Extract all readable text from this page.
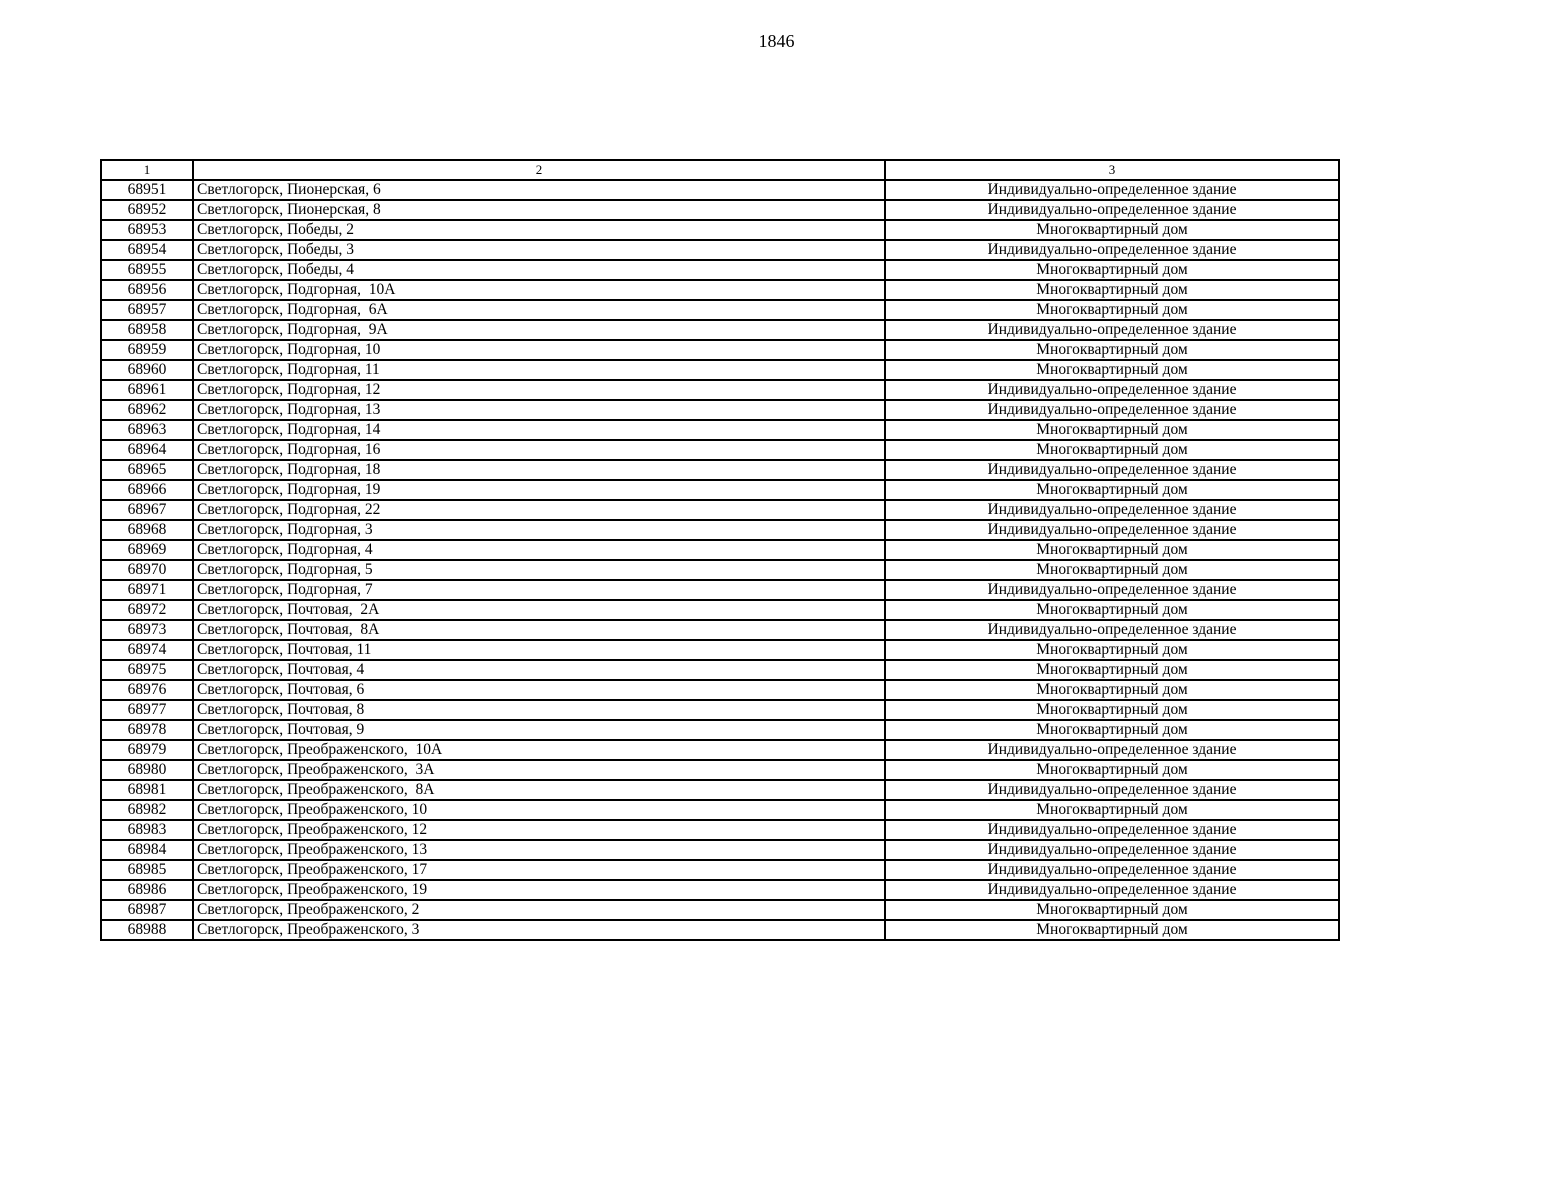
1846
1	2	3
68951	Светлогорск, Пионерская, 6	Индивидуально-определенное здание
68952	Светлогорск, Пионерская, 8	Индивидуально-определенное здание
68953	Светлогорск, Победы, 2	Многоквартирный дом
68954	Светлогорск, Победы, 3	Индивидуально-определенное здание
68955	Светлогорск, Победы, 4	Многоквартирный дом
68956	Светлогорск, Подгорная,  10А	Многоквартирный дом
68957	Светлогорск, Подгорная,  6А	Многоквартирный дом
68958	Светлогорск, Подгорная,  9А	Индивидуально-определенное здание
68959	Светлогорск, Подгорная, 10	Многоквартирный дом
68960	Светлогорск, Подгорная, 11	Многоквартирный дом
68961	Светлогорск, Подгорная, 12	Индивидуально-определенное здание
68962	Светлогорск, Подгорная, 13	Индивидуально-определенное здание
68963	Светлогорск, Подгорная, 14	Многоквартирный дом
68964	Светлогорск, Подгорная, 16	Многоквартирный дом
68965	Светлогорск, Подгорная, 18	Индивидуально-определенное здание
68966	Светлогорск, Подгорная, 19	Многоквартирный дом
68967	Светлогорск, Подгорная, 22	Индивидуально-определенное здание
68968	Светлогорск, Подгорная, 3	Индивидуально-определенное здание
68969	Светлогорск, Подгорная, 4	Многоквартирный дом
68970	Светлогорск, Подгорная, 5	Многоквартирный дом
68971	Светлогорск, Подгорная, 7	Индивидуально-определенное здание
68972	Светлогорск, Почтовая,  2А	Многоквартирный дом
68973	Светлогорск, Почтовая,  8А	Индивидуально-определенное здание
68974	Светлогорск, Почтовая, 11	Многоквартирный дом
68975	Светлогорск, Почтовая, 4	Многоквартирный дом
68976	Светлогорск, Почтовая, 6	Многоквартирный дом
68977	Светлогорск, Почтовая, 8	Многоквартирный дом
68978	Светлогорск, Почтовая, 9	Многоквартирный дом
68979	Светлогорск, Преображенского,  10А	Индивидуально-определенное здание
68980	Светлогорск, Преображенского,  3А	Многоквартирный дом
68981	Светлогорск, Преображенского,  8А	Индивидуально-определенное здание
68982	Светлогорск, Преображенского, 10	Многоквартирный дом
68983	Светлогорск, Преображенского, 12	Индивидуально-определенное здание
68984	Светлогорск, Преображенского, 13	Индивидуально-определенное здание
68985	Светлогорск, Преображенского, 17	Индивидуально-определенное здание
68986	Светлогорск, Преображенского, 19	Индивидуально-определенное здание
68987	Светлогорск, Преображенского, 2	Многоквартирный дом
68988	Светлогорск, Преображенского, 3	Многоквартирный дом
